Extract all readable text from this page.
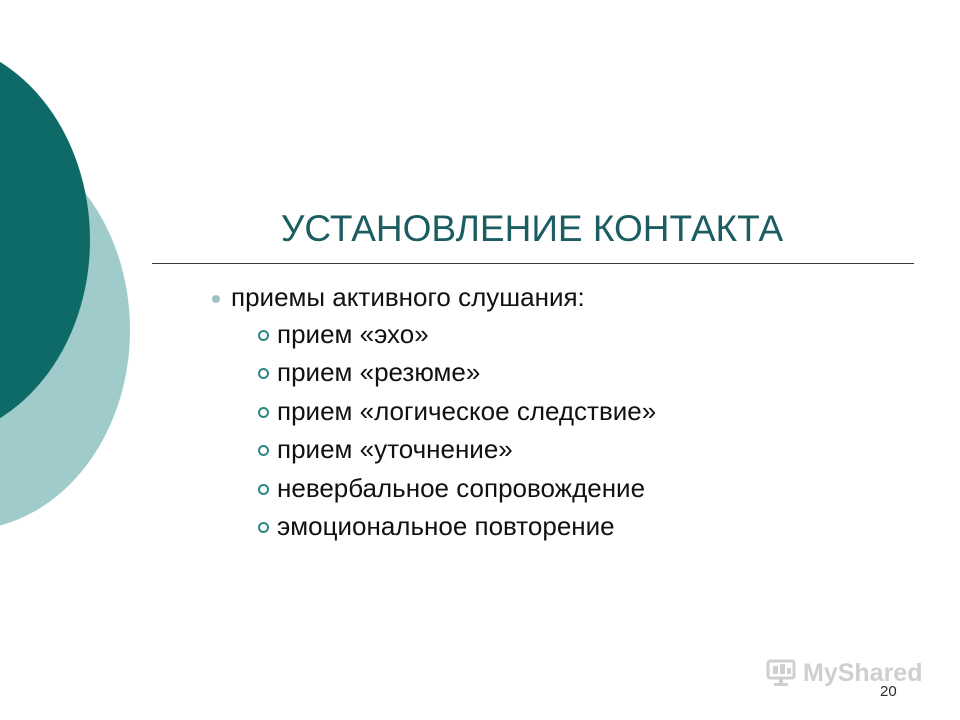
УСТАНОВЛЕНИЕ КОНТАКТА
приемы активного слушания:
прием «эхо»
прием «резюме»
прием «логическое следствие»
прием «уточнение»
невербальное сопровождение
эмоциональное повторение
MyShared
20
